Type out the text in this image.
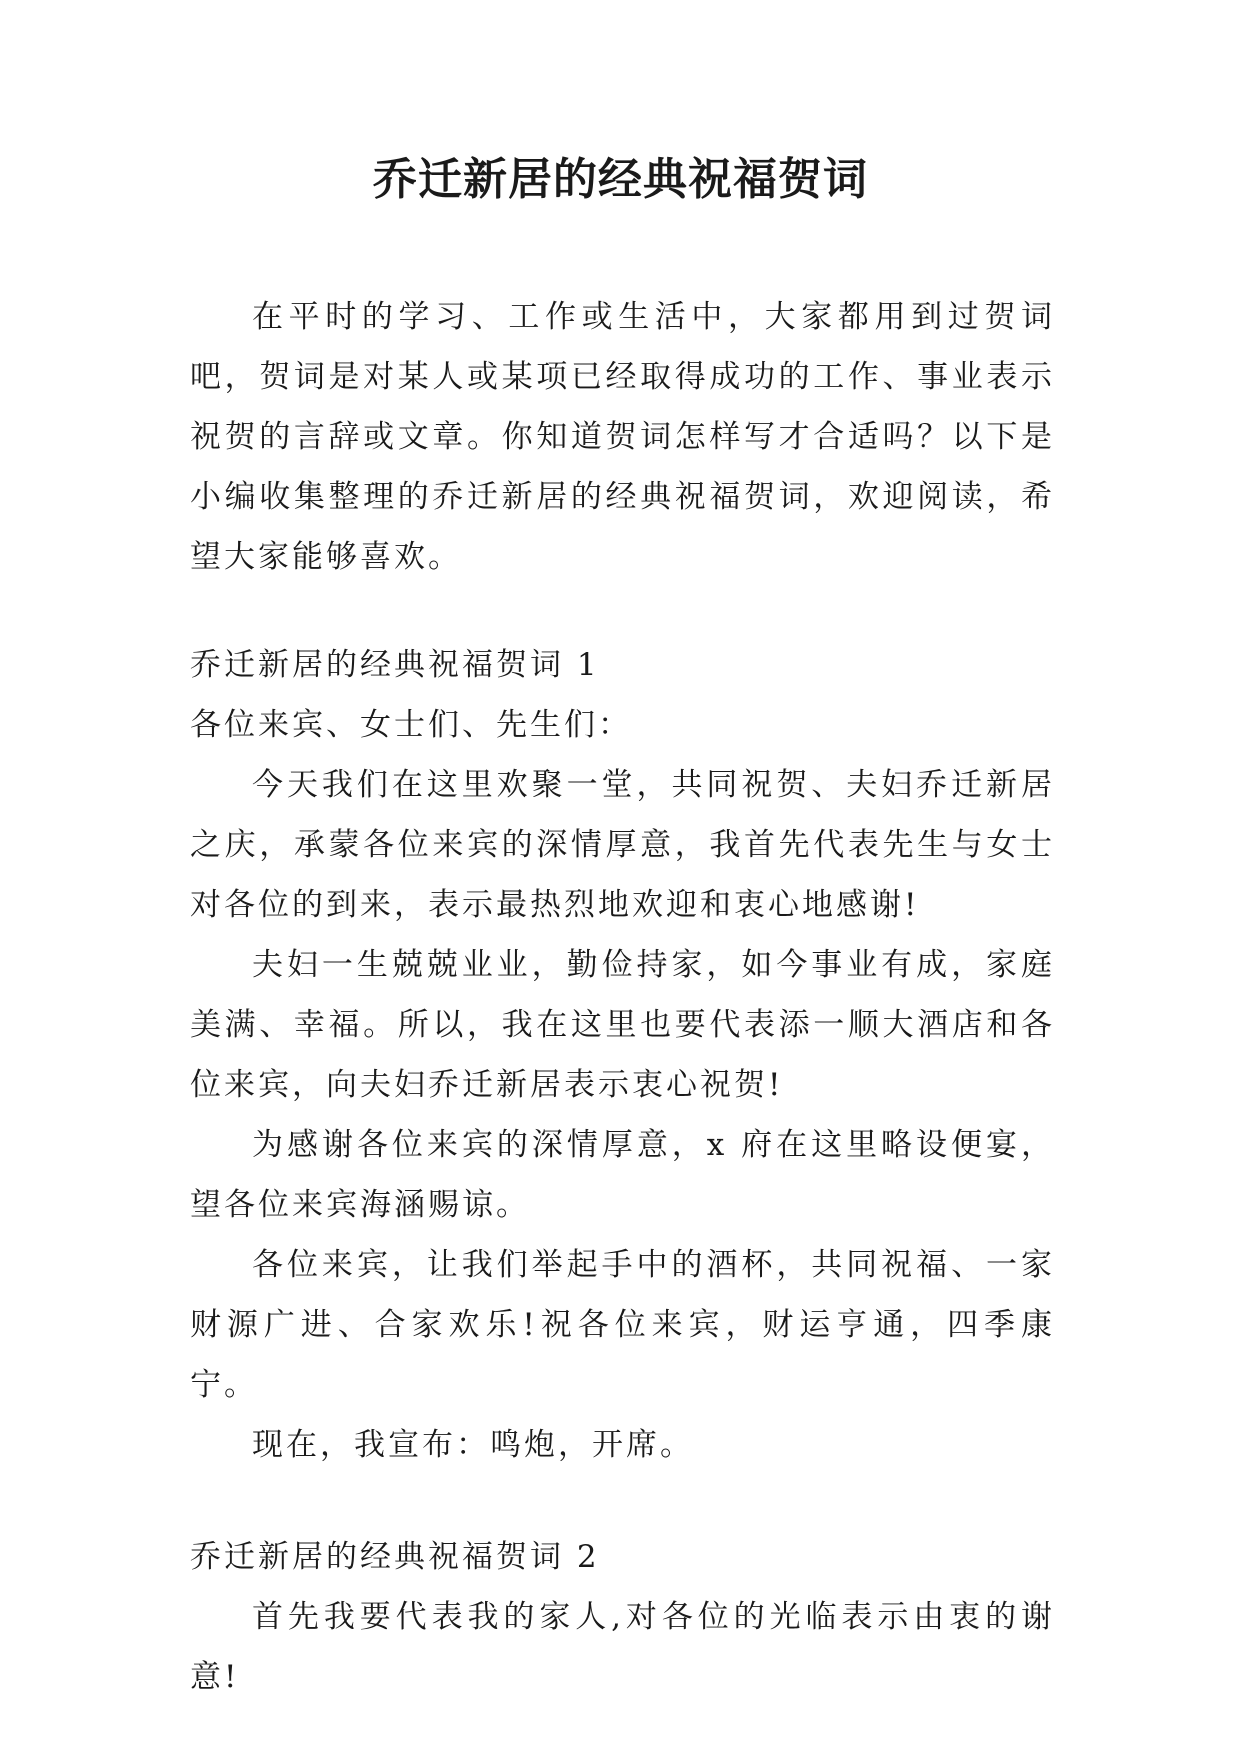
乔迁新居的经典祝福贺词

在平时的学习、工作或生活中，大家都用到过贺词吧，贺词是对某人或某项已经取得成功的工作、事业表示祝贺的言辞或文章。你知道贺词怎样写才合适吗？以下是小编收集整理的乔迁新居的经典祝福贺词，欢迎阅读，希望大家能够喜欢。

乔迁新居的经典祝福贺词 1

各位来宾、女士们、先生们：

今天我们在这里欢聚一堂，共同祝贺、夫妇乔迁新居之庆，承蒙各位来宾的深情厚意，我首先代表先生与女士对各位的到来，表示最热烈地欢迎和衷心地感谢!

夫妇一生兢兢业业，勤俭持家，如今事业有成，家庭美满、幸福。所以，我在这里也要代表添一顺大酒店和各位来宾，向夫妇乔迁新居表示衷心祝贺!

为感谢各位来宾的深情厚意，x 府在这里略设便宴，望各位来宾海涵赐谅。

各位来宾，让我们举起手中的酒杯，共同祝福、一家财源广进、合家欢乐!祝各位来宾，财运亨通，四季康宁。

现在，我宣布：鸣炮，开席。

乔迁新居的经典祝福贺词 2

首先我要代表我的家人,对各位的光临表示由衷的谢意!
